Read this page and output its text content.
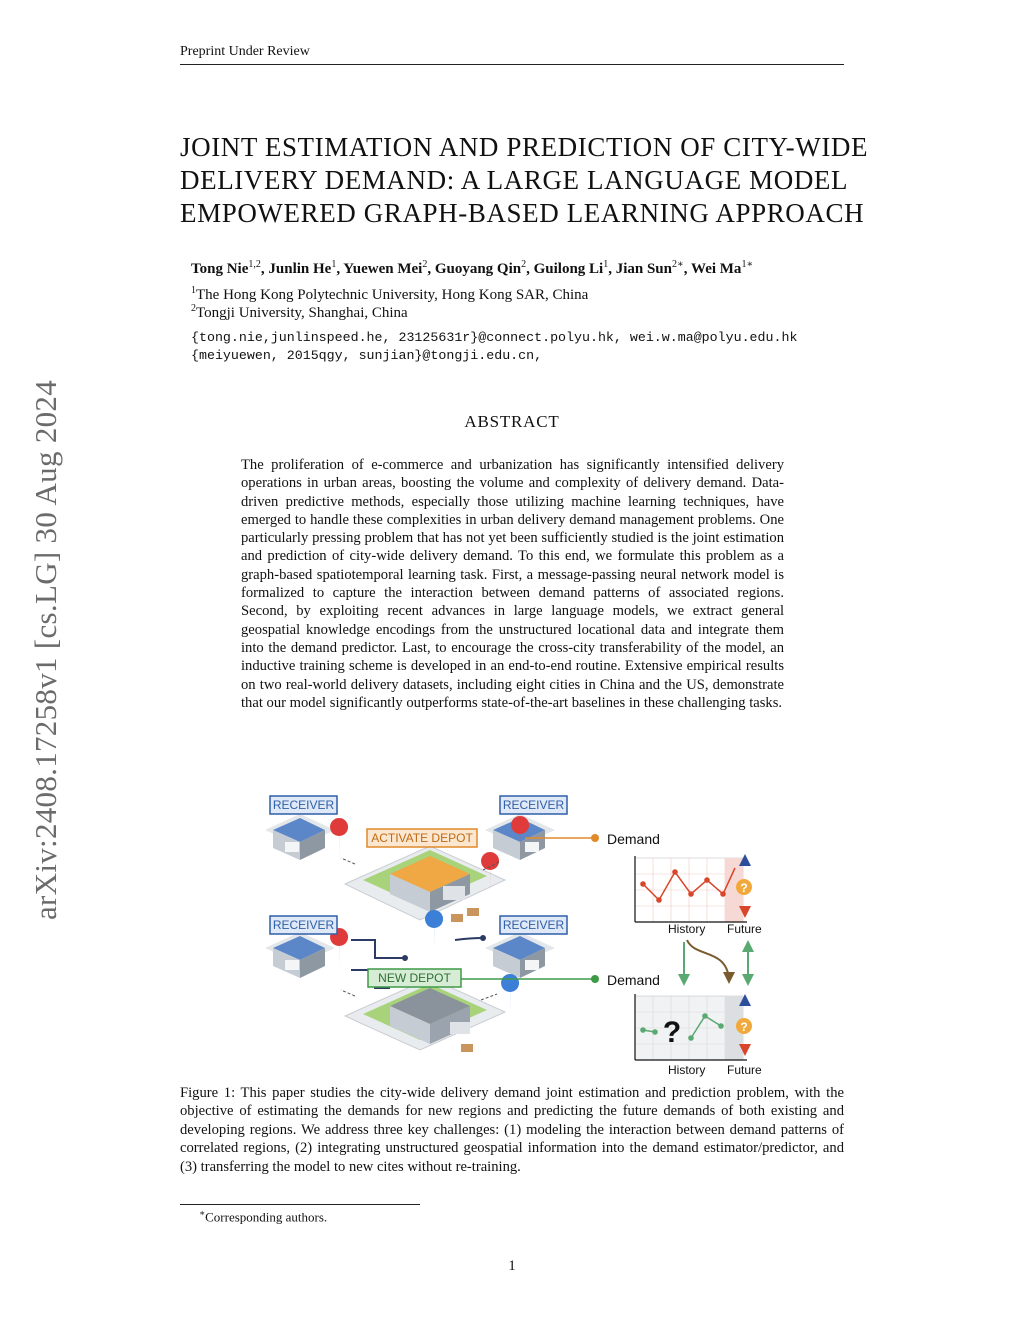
Preprint Under Review
arXiv:2408.17258v1 [cs.LG] 30 Aug 2024
JOINT ESTIMATION AND PREDICTION OF CITY-WIDE
DELIVERY DEMAND: A LARGE LANGUAGE MODEL
EMPOWERED GRAPH-BASED LEARNING APPROACH
Tong Nie$^{1,2}$, Junlin He$^1$, Yuewen Mei$^2$, Guoyang Qin$^2$, Guilong Li$^1$, Jian Sun$^{2∗}$, Wei $Ma^{1∗}$
$^1$The Hong Kong Polytechnic University, Hong Kong SAR, China
$^2$Tongji University, Shanghai, China
{tong.nie,junlinspeed.he, 23125631r}@connect.polyu.hk, wei.w.ma@polyu.edu.hk
{meiyuewen, 2015qgy, sunjian}@tongji.edu.cn,
ABSTRACT
The proliferation of e-commerce and urbanization has significantly intensified delivery operations in urban areas, boosting the volume and complexity of delivery demand. Data-driven predictive methods, especially those utilizing machine learning techniques, have emerged to handle these complexities in urban delivery demand management problems. One particularly pressing problem that has not yet been sufficiently studied is the joint estimation and prediction of city-wide delivery demand. To this end, we formulate this problem as a graph-based spatiotemporal learning task. First, a message-passing neural network model is formalized to capture the interaction between demand patterns of associated regions. Second, by exploiting recent advances in large language models, we extract general geospatial knowledge encodings from the unstructured locational data and integrate them into the demand predictor. Last, to encourage the cross-city transferability of the model, an inductive training scheme is developed in an end-to-end routine. Extensive empirical results on two real-world delivery datasets, including eight cities in China and the US, demonstrate that our model significantly outperforms state-of-the-art baselines in these challenging tasks.
RECEIVER	RECEIVER
RECEIVER	RECEIVER
ACTIVATE DEPOT
NEW DEPOT
Demand
Demand
?
History Future
?	?
History Future
Figure 1: This paper studies the city-wide delivery demand joint estimation and prediction problem, with the objective of estimating the demands for new regions and predicting the future demands of both existing and developing regions. We address three key challenges: (1) modeling the interaction between demand patterns of correlated regions, (2) integrating unstructured geospatial information into the demand estimator/predictor, and (3) transferring the model to new cites without re-training.
∗Corresponding authors.
1
